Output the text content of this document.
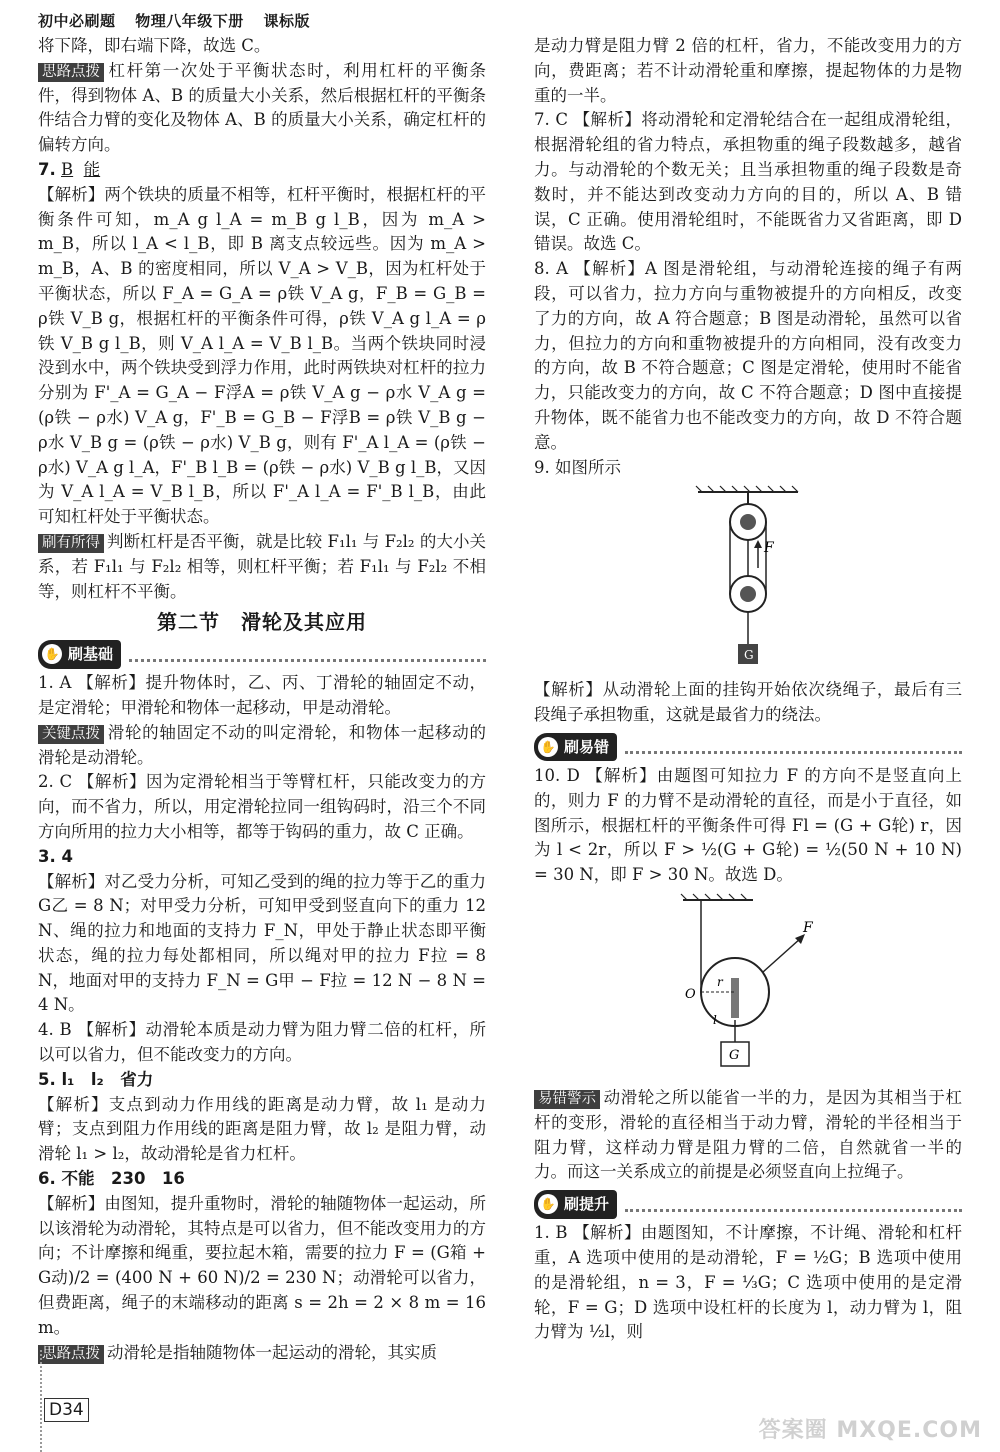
初中必刷题 物理八年级下册 课标版

将下降，即右端下降，故选 C。

思路点拨 杠杆第一次处于平衡状态时，利用杠杆的平衡条件，得到物体 A、B 的质量大小关系，然后根据杠杆的平衡条件结合力臂的变化及物体 A、B 的质量大小关系，确定杠杆的偏转方向。

7. B 能

【解析】两个铁块的质量不相等，杠杆平衡时，根据杠杆的平衡条件可知，m_A g l_A = m_B g l_B，因为 m_A > m_B，所以 l_A < l_B，即 B 离支点较远些。因为 m_A > m_B，A、B 的密度相同，所以 V_A > V_B，因为杠杆处于平衡状态，所以 F_A = G_A = ρ铁 V_A g，F_B = G_B = ρ铁 V_B g，根据杠杆的平衡条件可得，ρ铁 V_A g l_A = ρ铁 V_B g l_B，则 V_A l_A = V_B l_B。当两个铁块同时浸没到水中，两个铁块受到浮力作用，此时两铁块对杠杆的拉力分别为 F'_A = G_A − F浮A = ρ铁 V_A g − ρ水 V_A g = (ρ铁 − ρ水) V_A g，F'_B = G_B − F浮B = ρ铁 V_B g − ρ水 V_B g = (ρ铁 − ρ水) V_B g，则有 F'_A l_A = (ρ铁 − ρ水) V_A g l_A，F'_B l_B = (ρ铁 − ρ水) V_B g l_B，又因为 V_A l_A = V_B l_B，所以 F'_A l_A = F'_B l_B，由此可知杠杆处于平衡状态。

刷有所得 判断杠杆是否平衡，就是比较 F₁l₁ 与 F₂l₂ 的大小关系，若 F₁l₁ 与 F₂l₂ 相等，则杠杆平衡；若 F₁l₁ 与 F₂l₂ 不相等，则杠杆不平衡。

第二节　滑轮及其应用
✋ 刷基础

1. A 【解析】提升物体时，乙、丙、丁滑轮的轴固定不动，是定滑轮；甲滑轮和物体一起移动，甲是动滑轮。

关键点拨 滑轮的轴固定不动的叫定滑轮，和物体一起移动的滑轮是动滑轮。

2. C 【解析】因为定滑轮相当于等臂杠杆，只能改变力的方向，而不省力，所以，用定滑轮拉同一组钩码时，沿三个不同方向所用的拉力大小相等，都等于钩码的重力，故 C 正确。

3. 4

【解析】对乙受力分析，可知乙受到的绳的拉力等于乙的重力 G乙 = 8 N；对甲受力分析，可知甲受到竖直向下的重力 12 N、绳的拉力和地面的支持力 F_N，甲处于静止状态即平衡状态，绳的拉力每处都相同，所以绳对甲的拉力 F拉 = 8 N，地面对甲的支持力 F_N = G甲 − F拉 = 12 N − 8 N = 4 N。

4. B 【解析】动滑轮本质是动力臂为阻力臂二倍的杠杆，所以可以省力，但不能改变力的方向。

5. l₁　l₂　省力

【解析】支点到动力作用线的距离是动力臂，故 l₁ 是动力臂；支点到阻力作用线的距离是阻力臂，故 l₂ 是阻力臂，动滑轮 l₁ > l₂，故动滑轮是省力杠杆。

6. 不能　230　16

【解析】由图知，提升重物时，滑轮的轴随物体一起运动，所以该滑轮为动滑轮，其特点是可以省力，但不能改变用力的方向；不计摩擦和绳重，要拉起木箱，需要的拉力 F = (G箱 + G动)/2 = (400 N + 60 N)/2 = 230 N；动滑轮可以省力，但费距离，绳子的末端移动的距离 s = 2h = 2 × 8 m = 16 m。

思路点拨 动滑轮是指轴随物体一起运动的滑轮，其实质

是动力臂是阻力臂 2 倍的杠杆，省力，不能改变用力的方向，费距离；若不计动滑轮重和摩擦，提起物体的力是物重的一半。

7. C 【解析】将动滑轮和定滑轮结合在一起组成滑轮组，根据滑轮组的省力特点，承担物重的绳子段数越多，越省力。与动滑轮的个数无关；且当承担物重的绳子段数是奇数时，并不能达到改变动力方向的目的，所以 A、B 错误，C 正确。使用滑轮组时，不能既省力又省距离，即 D 错误。故选 C。

8. A 【解析】A 图是滑轮组，与动滑轮连接的绳子有两段，可以省力，拉力方向与重物被提升的方向相反，改变了力的方向，故 A 符合题意；B 图是动滑轮，虽然可以省力，但拉力的方向和重物被提升的方向相同，没有改变力的方向，故 B 不符合题意；C 图是定滑轮，使用时不能省力，只能改变力的方向，故 C 不符合题意；D 图中直接提升物体，既不能省力也不能改变力的方向，故 D 不符合题意。

9. 如图所示

F
G

【解析】从动滑轮上面的挂钩开始依次绕绳子，最后有三段绳子承担物重，这就是最省力的绕法。

✋ 刷易错

10. D 【解析】由题图可知拉力 F 的方向不是竖直向上的，则力 F 的力臂不是动滑轮的直径，而是小于直径，如图所示，根据杠杆的平衡条件可得 Fl = (G + G轮) r，因为 l < 2r，所以 F > ½(G + G轮) = ½(50 N + 10 N) = 30 N，即 F > 30 N。故选 D。

F
O
r
l
G

易错警示 动滑轮之所以能省一半的力，是因为其相当于杠杆的变形，滑轮的直径相当于动力臂，滑轮的半径相当于阻力臂，这样动力臂是阻力臂的二倍，自然就省一半的力。而这一关系成立的前提是必须竖直向上拉绳子。

✋ 刷提升

1. B 【解析】由题图知，不计摩擦，不计绳、滑轮和杠杆重，A 选项中使用的是动滑轮，F = ½G；B 选项中使用的是滑轮组，n = 3，F = ⅓G；C 选项中使用的是定滑轮，F = G；D 选项中设杠杆的长度为 l，动力臂为 l，阻力臂为 ½l，则

D34
答案圈 MXQE.COM
